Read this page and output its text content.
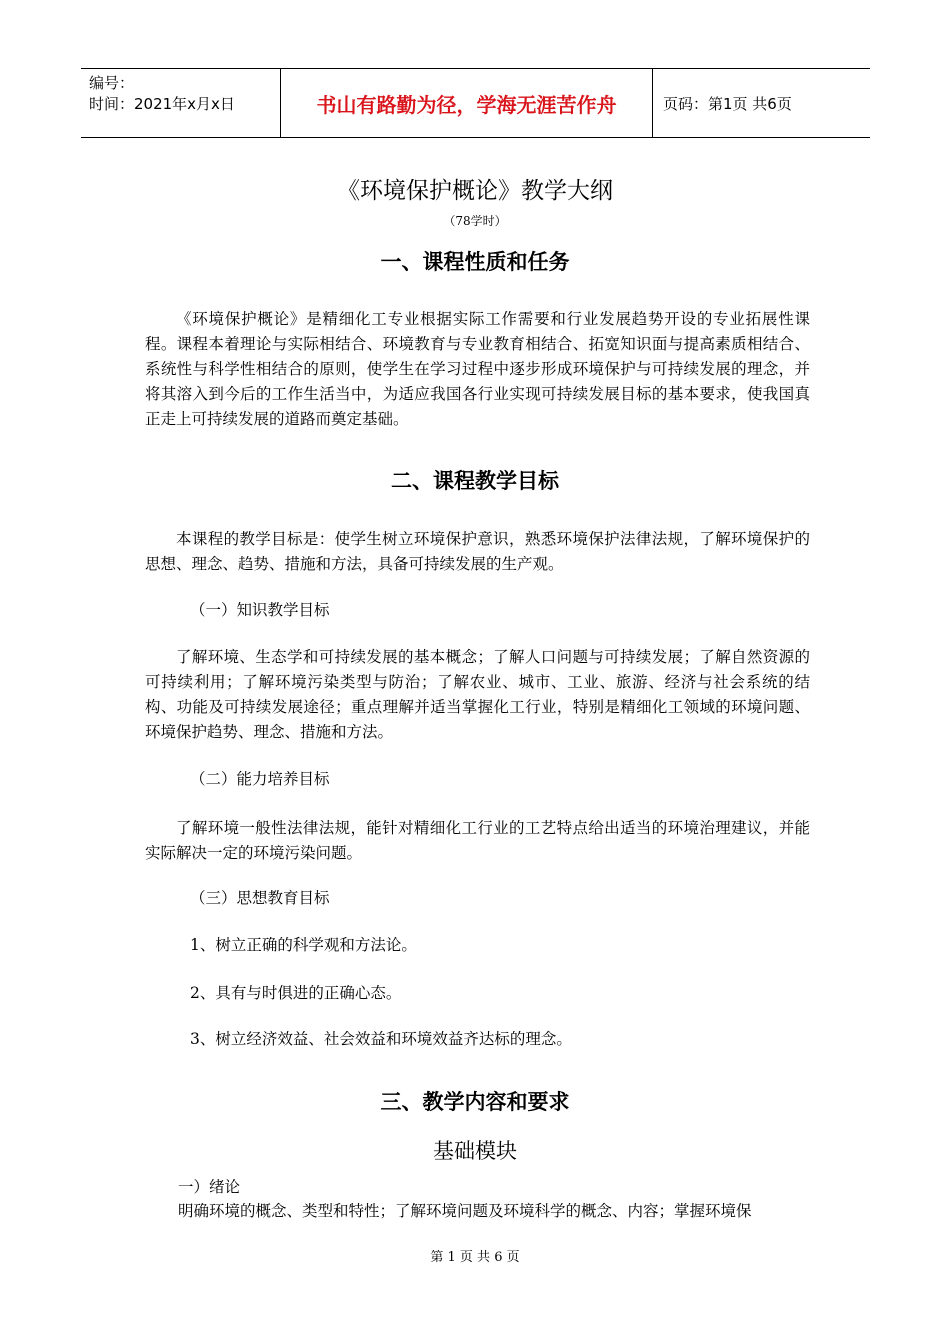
编号：
时间：2021年x月x日	书山有路勤为径，学海无涯苦作舟	页码：第1页 共6页
《环境保护概论》教学大纲
（78学时）
一、课程性质和任务
《环境保护概论》是精细化工专业根据实际工作需要和行业发展趋势开设的专业拓展性课程。课程本着理论与实际相结合、环境教育与专业教育相结合、拓宽知识面与提高素质相结合、系统性与科学性相结合的原则，使学生在学习过程中逐步形成环境保护与可持续发展的理念，并将其溶入到今后的工作生活当中，为适应我国各行业实现可持续发展目标的基本要求，使我国真正走上可持续发展的道路而奠定基础。
二、课程教学目标
本课程的教学目标是：使学生树立环境保护意识，熟悉环境保护法律法规，了解环境保护的思想、理念、趋势、措施和方法，具备可持续发展的生产观。
（一）知识教学目标
了解环境、生态学和可持续发展的基本概念；了解人口问题与可持续发展；了解自然资源的可持续利用；了解环境污染类型与防治；了解农业、城市、工业、旅游、经济与社会系统的结构、功能及可持续发展途径；重点理解并适当掌握化工行业，特别是精细化工领域的环境问题、环境保护趋势、理念、措施和方法。
（二）能力培养目标
了解环境一般性法律法规，能针对精细化工行业的工艺特点给出适当的环境治理建议，并能实际解决一定的环境污染问题。
（三）思想教育目标
1、树立正确的科学观和方法论。
2、具有与时俱进的正确心态。
3、树立经济效益、社会效益和环境效益齐达标的理念。
三、教学内容和要求
基础模块
一）绪论
明确环境的概念、类型和特性；了解环境问题及环境科学的概念、内容；掌握环境保
第 1 页 共 6 页
